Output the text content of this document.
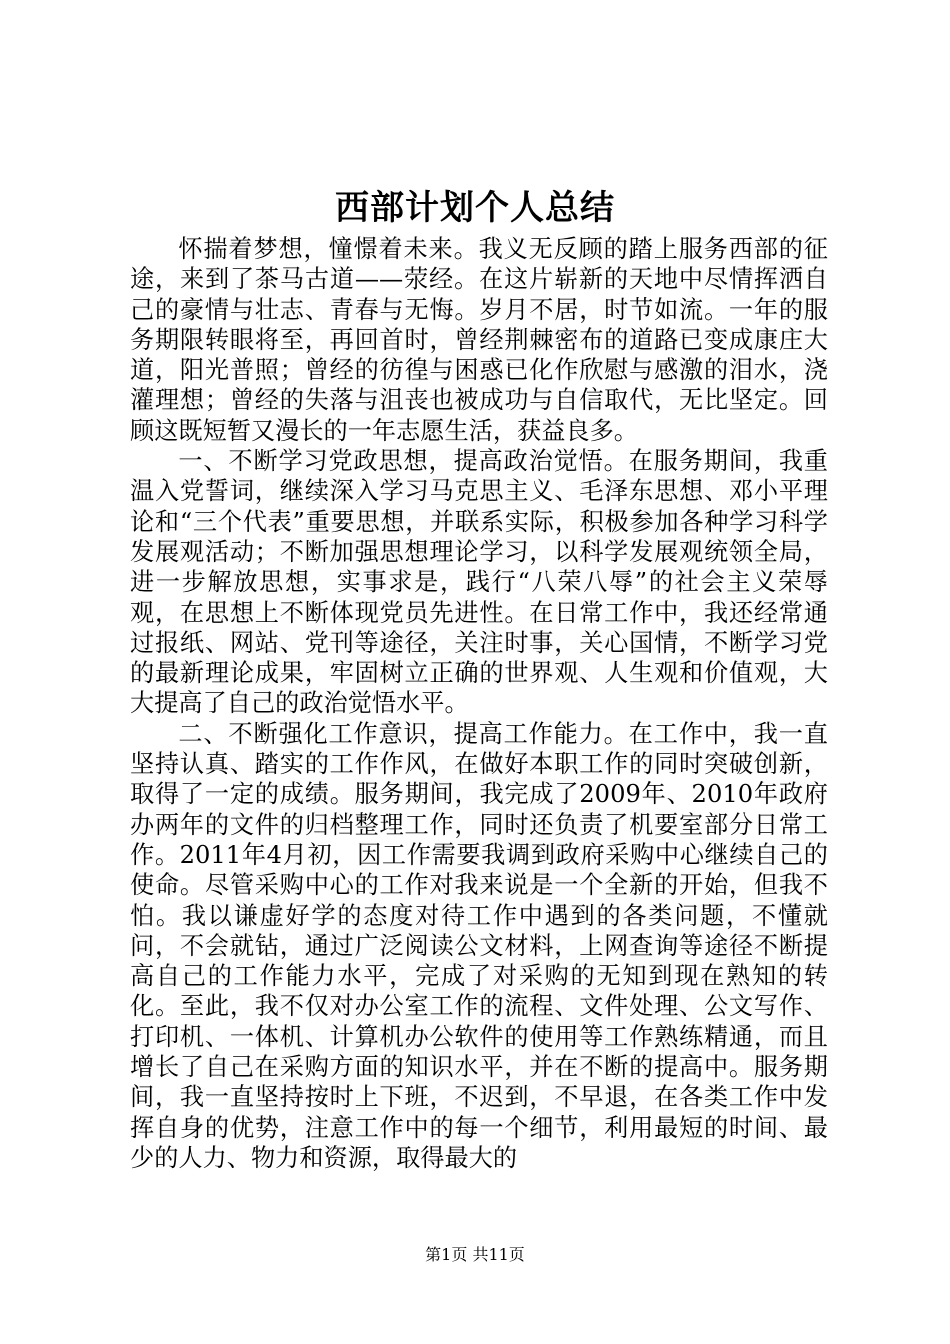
西部计划个人总结

怀揣着梦想，憧憬着未来。我义无反顾的踏上服务西部的征途，来到了茶马古道——荥经。在这片崭新的天地中尽情挥洒自己的豪情与壮志、青春与无悔。岁月不居，时节如流。一年的服务期限转眼将至，再回首时，曾经荆棘密布的道路已变成康庄大道，阳光普照；曾经的彷徨与困惑已化作欣慰与感激的泪水，浇灌理想；曾经的失落与沮丧也被成功与自信取代，无比坚定。回顾这既短暂又漫长的一年志愿生活，获益良多。

一、不断学习党政思想，提高政治觉悟。在服务期间，我重温入党誓词，继续深入学习马克思主义、毛泽东思想、邓小平理论和“三个代表”重要思想，并联系实际，积极参加各种学习科学发展观活动；不断加强思想理论学习，以科学发展观统领全局，进一步解放思想，实事求是，践行“八荣八辱”的社会主义荣辱观，在思想上不断体现党员先进性。在日常工作中，我还经常通过报纸、网站、党刊等途径，关注时事，关心国情，不断学习党的最新理论成果，牢固树立正确的世界观、人生观和价值观，大大提高了自己的政治觉悟水平。

二、不断强化工作意识，提高工作能力。在工作中，我一直坚持认真、踏实的工作作风，在做好本职工作的同时突破创新，取得了一定的成绩。服务期间，我完成了2009年、2010年政府办两年的文件的归档整理工作，同时还负责了机要室部分日常工作。2011年4月初，因工作需要我调到政府采购中心继续自己的使命。尽管采购中心的工作对我来说是一个全新的开始，但我不怕。我以谦虚好学的态度对待工作中遇到的各类问题，不懂就问，不会就钻，通过广泛阅读公文材料，上网查询等途径不断提高自己的工作能力水平，完成了对采购的无知到现在熟知的转化。至此，我不仅对办公室工作的流程、文件处理、公文写作、打印机、一体机、计算机办公软件的使用等工作熟练精通，而且增长了自己在采购方面的知识水平，并在不断的提高中。服务期间，我一直坚持按时上下班，不迟到，不早退，在各类工作中发挥自身的优势，注意工作中的每一个细节，利用最短的时间、最少的人力、物力和资源，取得最大的

第1页 共11页
